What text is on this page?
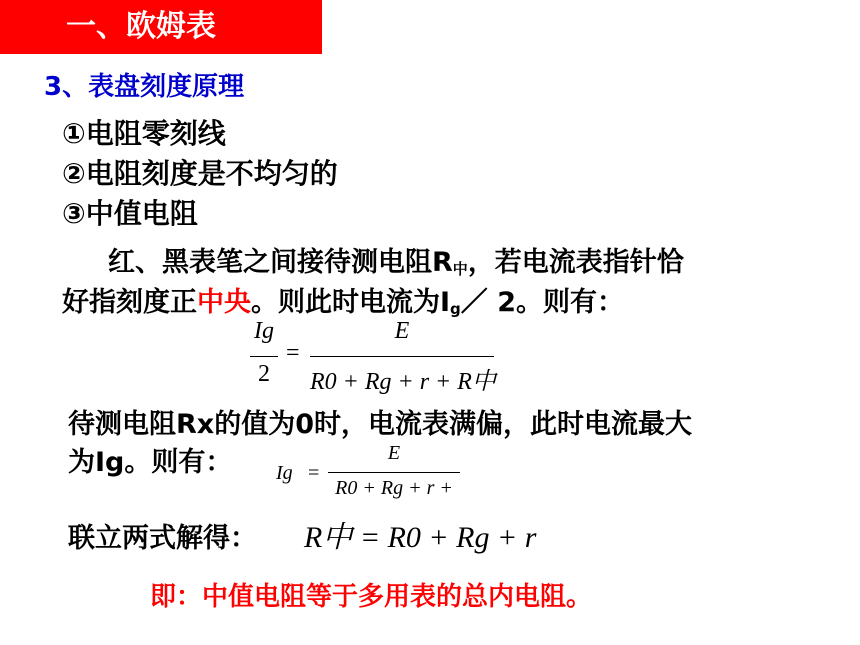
一、欧姆表
3、表盘刻度原理
①电阻零刻线
②电阻刻度是不均匀的
③中值电阻
红、黑表笔之间接待测电阻$R_中$，若电流表指针恰
好指刻度正中央。则此时电流为$I_g/$ 2。则有：
Ig
2
=
E
R0 + Rg + r + R中
待测电阻Rx的值为0时，电流表满偏，此时电流最大
为Ig。则有： Ig =
E
R0 + Rg + r +
联立两式解得： R中 = R0 + Rg + r
即：中值电阻等于多用表的总内电阻。
